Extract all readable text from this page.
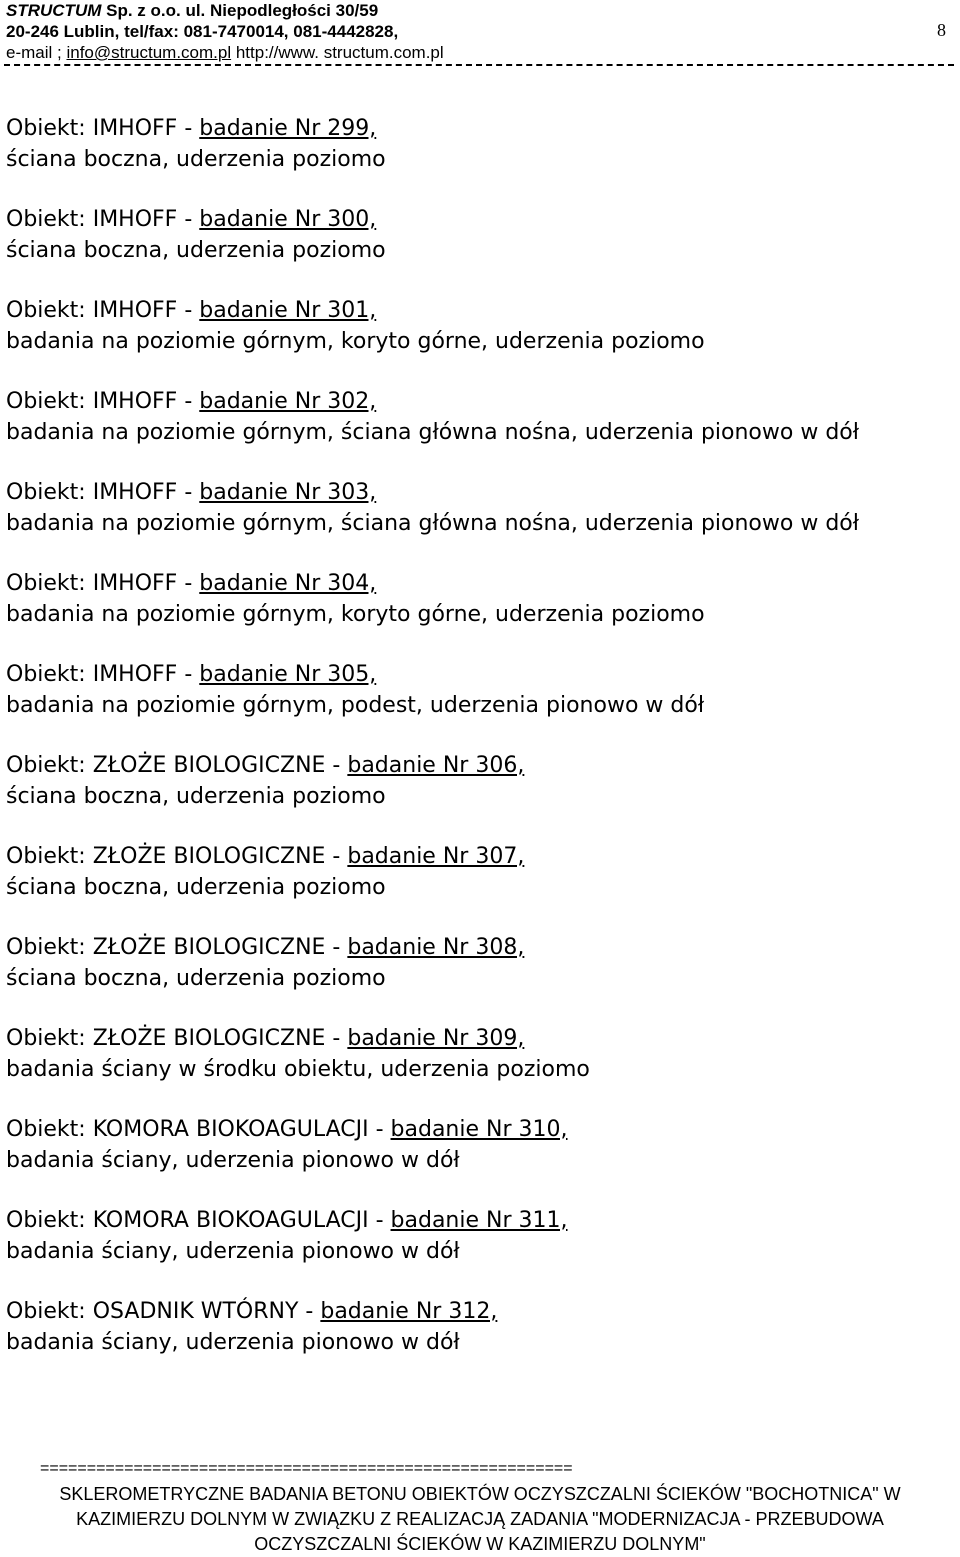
STRUCTUM Sp. z o.o. ul. Niepodległości 30/59
20-246 Lublin, tel/fax: 081-7470014, 081-4442828,
e-mail ; info@structum.com.pl http://www. structum.com.pl
8
Obiekt: IMHOFF - badanie Nr 299,
ściana boczna, uderzenia poziomo
Obiekt: IMHOFF - badanie Nr 300,
ściana boczna, uderzenia poziomo
Obiekt: IMHOFF - badanie Nr 301,
badania na poziomie górnym, koryto górne, uderzenia poziomo
Obiekt: IMHOFF - badanie Nr 302,
badania na poziomie górnym, ściana główna nośna, uderzenia pionowo w dół
Obiekt: IMHOFF - badanie Nr 303,
badania na poziomie górnym, ściana główna nośna, uderzenia pionowo w dół
Obiekt: IMHOFF - badanie Nr 304,
badania na poziomie górnym, koryto górne, uderzenia poziomo
Obiekt: IMHOFF - badanie Nr 305,
badania na poziomie górnym, podest, uderzenia pionowo w dół
Obiekt: ZŁOŻE BIOLOGICZNE - badanie Nr 306,
ściana boczna, uderzenia poziomo
Obiekt: ZŁOŻE BIOLOGICZNE - badanie Nr 307,
ściana boczna, uderzenia poziomo
Obiekt: ZŁOŻE BIOLOGICZNE - badanie Nr 308,
ściana boczna, uderzenia poziomo
Obiekt: ZŁOŻE BIOLOGICZNE - badanie Nr 309,
badania ściany w środku obiektu, uderzenia poziomo
Obiekt: KOMORA BIOKOAGULACJI - badanie Nr 310,
badania ściany, uderzenia pionowo w dół
Obiekt: KOMORA BIOKOAGULACJI - badanie Nr 311,
badania ściany, uderzenia pionowo w dół
Obiekt: OSADNIK WTÓRNY - badanie Nr 312,
badania ściany, uderzenia pionowo w dół
=========================================================
SKLEROMETRYCZNE BADANIA BETONU OBIEKTÓW OCZYSZCZALNI ŚCIEKÓW "BOCHOTNICA" W
KAZIMIERZU DOLNYM W ZWIĄZKU Z REALIZACJĄ ZADANIA "MODERNIZACJA - PRZEBUDOWA
OCZYSZCZALNI ŚCIEKÓW W KAZIMIERZU DOLNYM"
